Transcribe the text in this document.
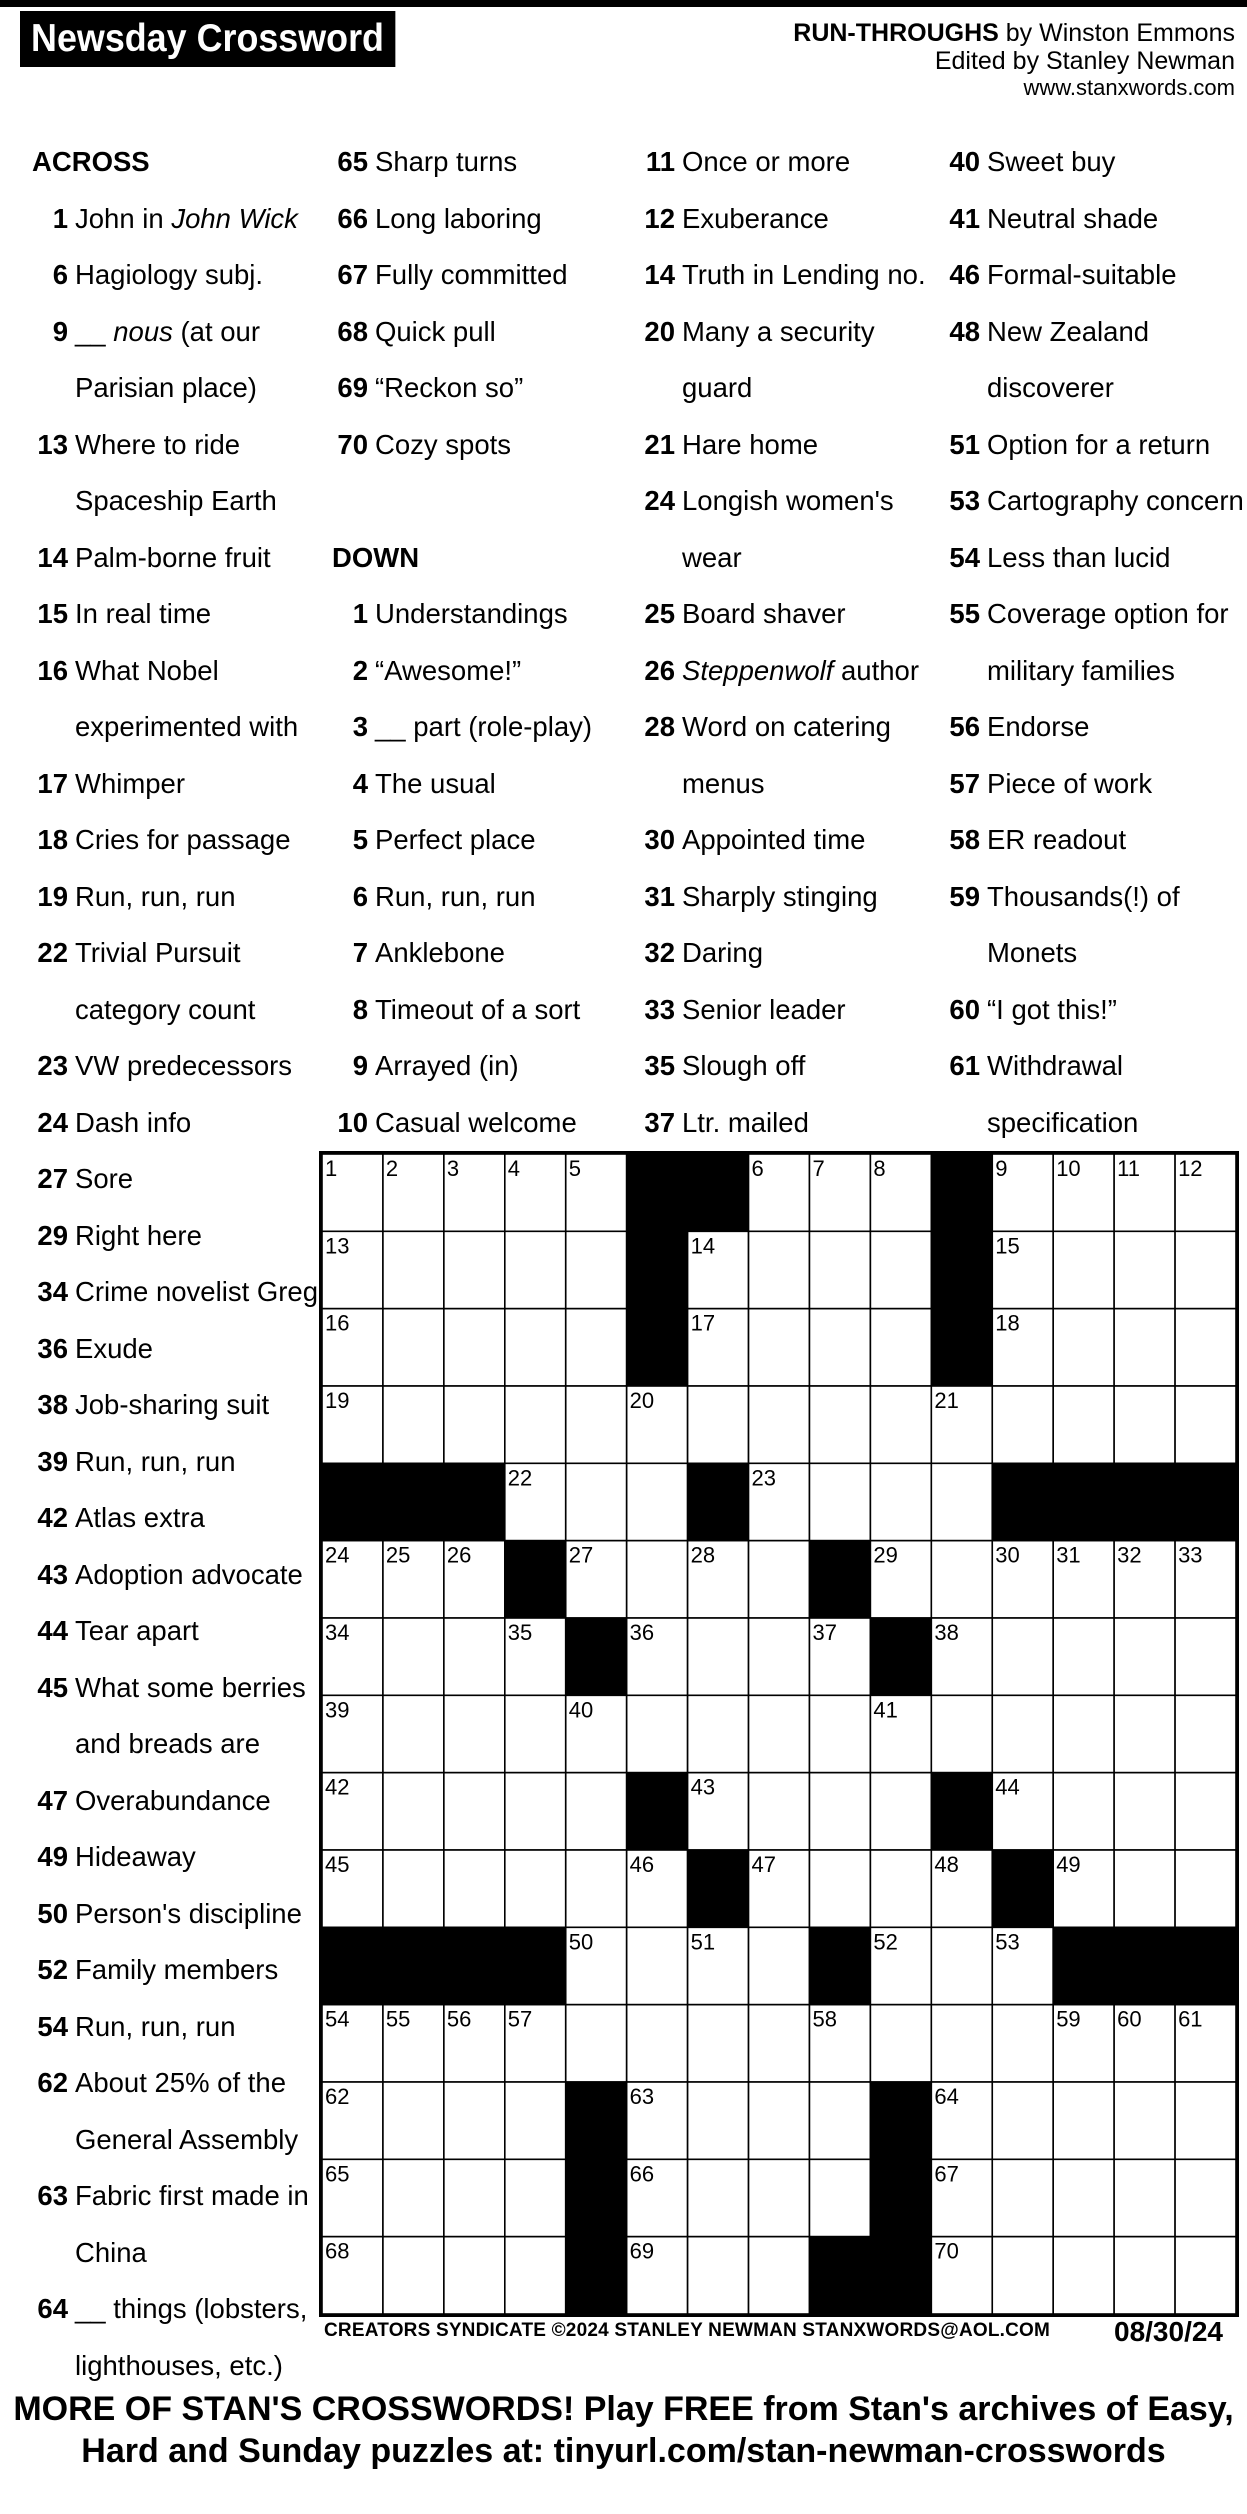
Newsday Crossword	RUN-THROUGHS by Winston Emmons
Edited by Stanley Newman
www.stanxwords.com
ACROSS
1 John in John Wick
6 Hagiology subj.
9 __ nous (at our Parisian place)
13 Where to ride Spaceship Earth
14 Palm-borne fruit
15 In real time
16 What Nobel experimented with
17 Whimper
18 Cries for passage
19 Run, run, run
22 Trivial Pursuit category count
23 VW predecessors
24 Dash info
27 Sore
29 Right here
34 Crime novelist Greg
36 Exude
38 Job-sharing suit
39 Run, run, run
42 Atlas extra
43 Adoption advocate
44 Tear apart
45 What some berries and breads are
47 Overabundance
49 Hideaway
50 Person's discipline
52 Family members
54 Run, run, run
62 About 25% of the General Assembly
63 Fabric first made in China
64 __ things (lobsters, lighthouses, etc.)
65 Sharp turns
66 Long laboring
67 Fully committed
68 Quick pull
69 “Reckon so”
70 Cozy spots
DOWN
1 Understandings
2 “Awesome!”
3 __ part (role-play)
4 The usual
5 Perfect place
6 Run, run, run
7 Anklebone
8 Timeout of a sort
9 Arrayed (in)
10 Casual welcome
11 Once or more
12 Exuberance
14 Truth in Lending no.
20 Many a security guard
21 Hare home
24 Longish women's wear
25 Board shaver
26 Steppenwolf author
28 Word on catering menus
30 Appointed time
31 Sharply stinging
32 Daring
33 Senior leader
35 Slough off
37 Ltr. mailed
40 Sweet buy
41 Neutral shade
46 Formal-suitable
48 New Zealand discoverer
51 Option for a return
53 Cartography concern
54 Less than lucid
55 Coverage option for military families
56 Endorse
57 Piece of work
58 ER readout
59 Thousands(!) of Monets
60 “I got this!”
61 Withdrawal specification
1 2 3 4 5	6 7 8	9 10 11 12
13	14	15
16	17	18
19	20	21
22	23
24 25 26	27	28	29	30 31 32 33
34	35	36	37	38
39	40	41
42	43	44
45	46	47	48	49
50	51	52	53
54 55 56 57	58	59 60 61
62	63	64
65	66	67
68	69	70
CREATORS SYNDICATE ©2024 STANLEY NEWMAN STANXWORDS@AOL.COM 08/30/24
MORE OF STAN'S CROSSWORDS! Play FREE from Stan's archives of Easy,
Hard and Sunday puzzles at: tinyurl.com/stan-newman-crosswords
